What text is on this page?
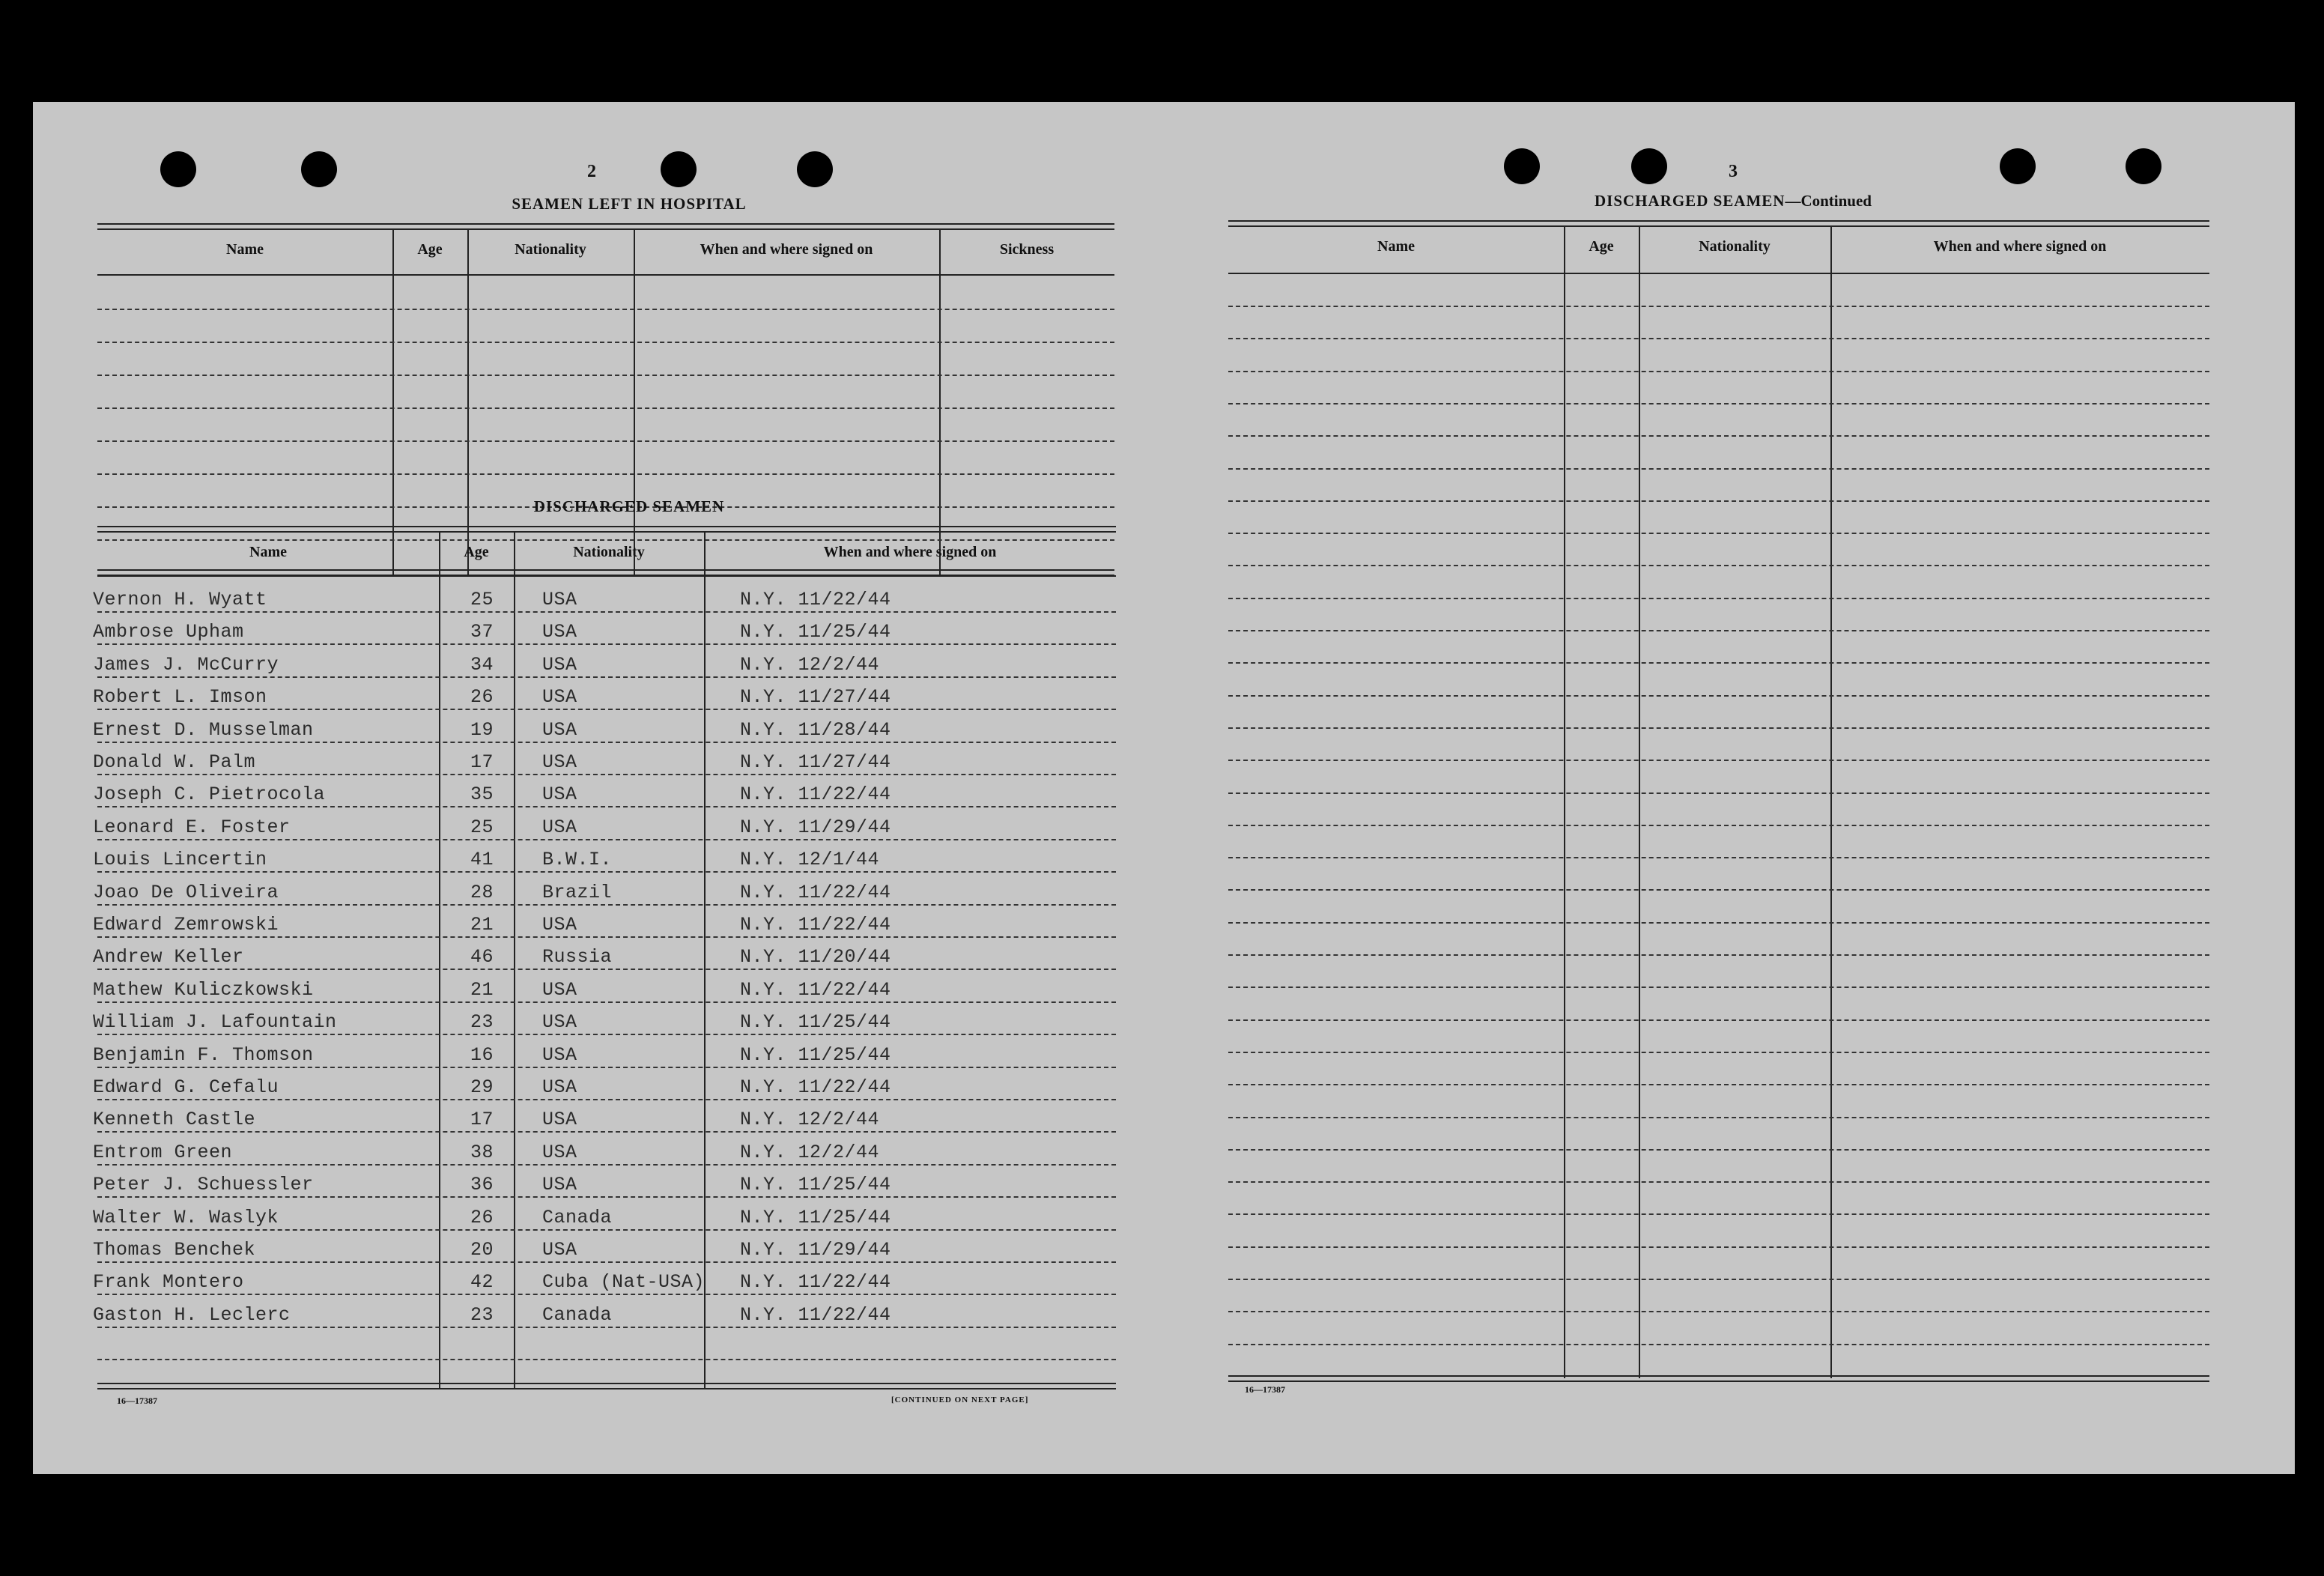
2
SEAMEN LEFT IN HOSPITAL
Name	Age	Nationality	When and where signed on	Sickness
DISCHARGED SEAMEN
Name	Age	Nationality	When and where signed on
Vernon H. Wyatt	25	USA	N.Y. 11/22/44
Ambrose Upham	37	USA	N.Y. 11/25/44
James J. McCurry	34	USA	N.Y. 12/2/44
Robert L. Imson	26	USA	N.Y. 11/27/44
Ernest D. Musselman	19	USA	N.Y. 11/28/44
Donald W. Palm	17	USA	N.Y. 11/27/44
Joseph C. Pietrocola	35	USA	N.Y. 11/22/44
Leonard E. Foster	25	USA	N.Y. 11/29/44
Louis Lincertin	41	B.W.I.	N.Y. 12/1/44
Joao De Oliveira	28	Brazil	N.Y. 11/22/44
Edward Zemrowski	21	USA	N.Y. 11/22/44
Andrew Keller	46	Russia	N.Y. 11/20/44
Mathew Kuliczkowski	21	USA	N.Y. 11/22/44
William J. Lafountain	23	USA	N.Y. 11/25/44
Benjamin F. Thomson	16	USA	N.Y. 11/25/44
Edward G. Cefalu	29	USA	N.Y. 11/22/44
Kenneth Castle	17	USA	N.Y. 12/2/44
Entrom Green	38	USA	N.Y. 12/2/44
Peter J. Schuessler	36	USA	N.Y. 11/25/44
Walter W. Waslyk	26	Canada	N.Y. 11/25/44
Thomas Benchek	20	USA	N.Y. 11/29/44
Frank Montero	42	Cuba (Nat-USA) N.Y. 11/22/44
Gaston H. Leclerc	23	Canada	N.Y. 11/22/44
16—17387	[CONTINUED ON NEXT PAGE]
3
DISCHARGED SEAMEN—Continued
Name	Age	Nationality	When and where signed on
16—17387
